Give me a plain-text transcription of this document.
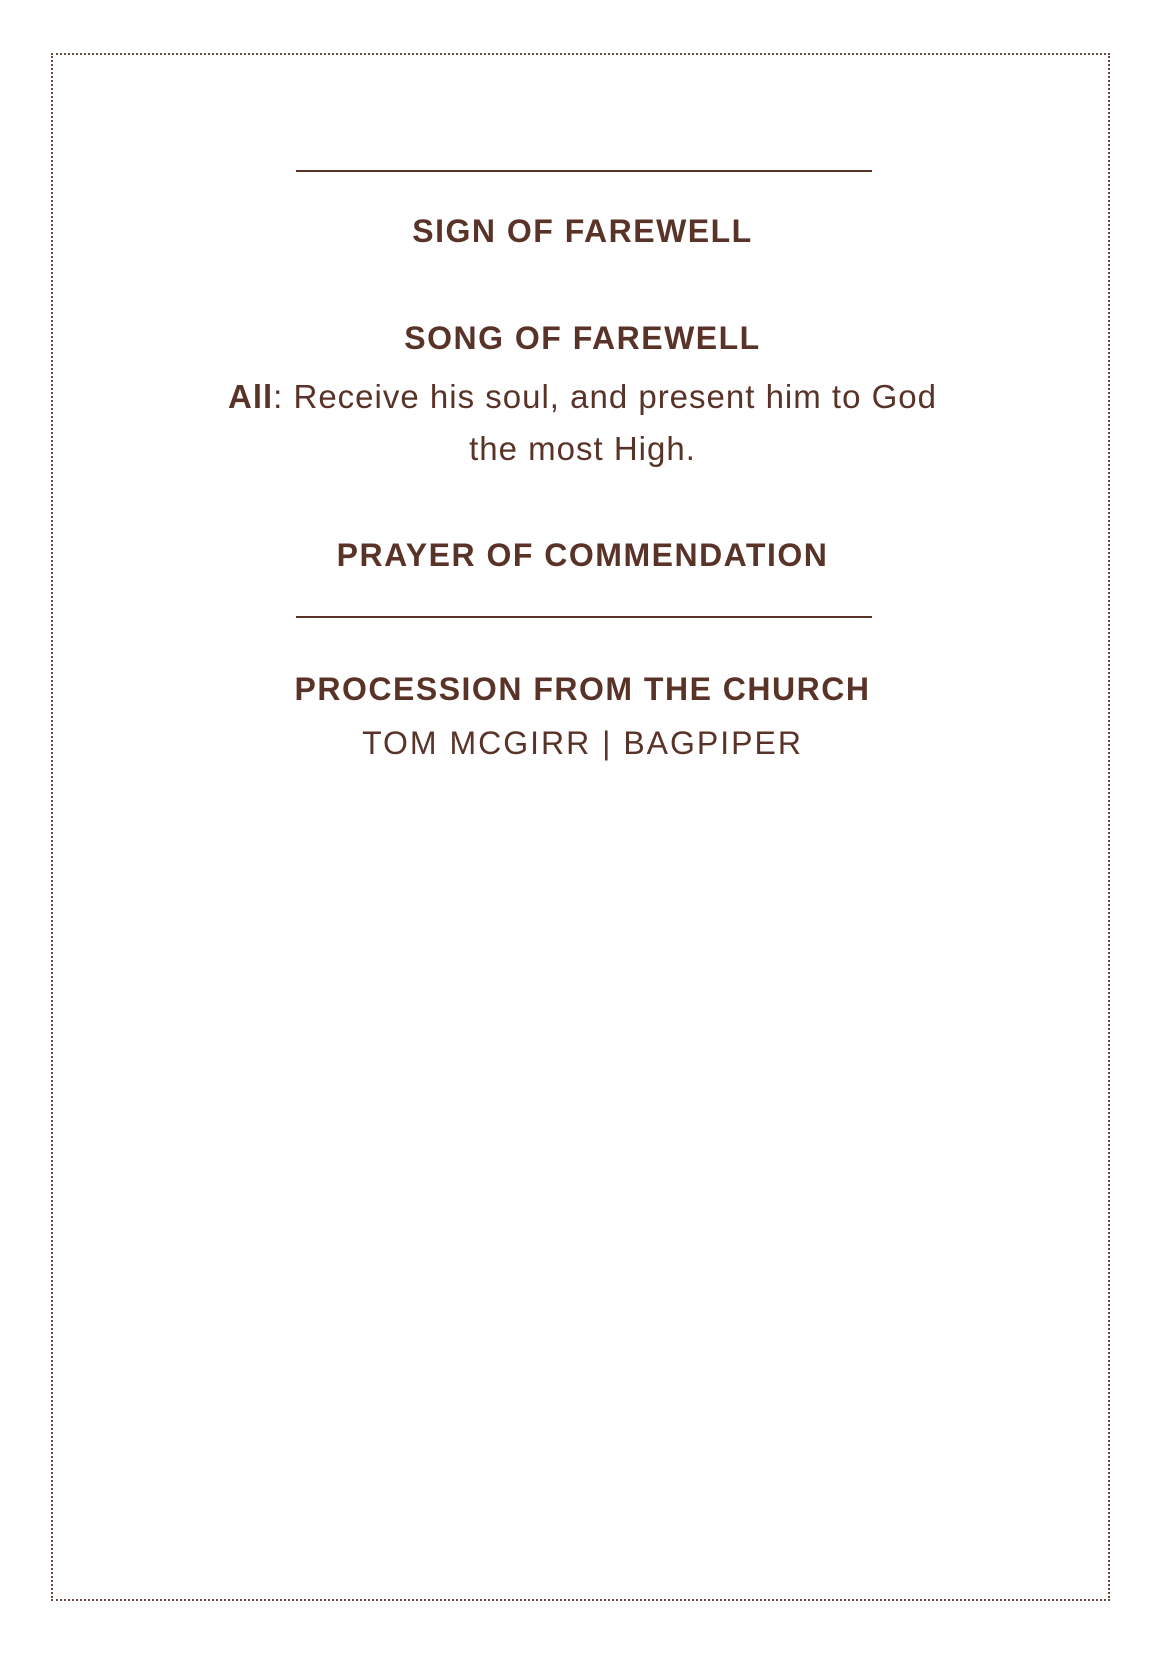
SIGN OF FAREWELL
SONG OF FAREWELL
All: Receive his soul, and present him to God
the most High.
PRAYER OF COMMENDATION
PROCESSION FROM THE CHURCH
TOM MCGIRR | BAGPIPER
